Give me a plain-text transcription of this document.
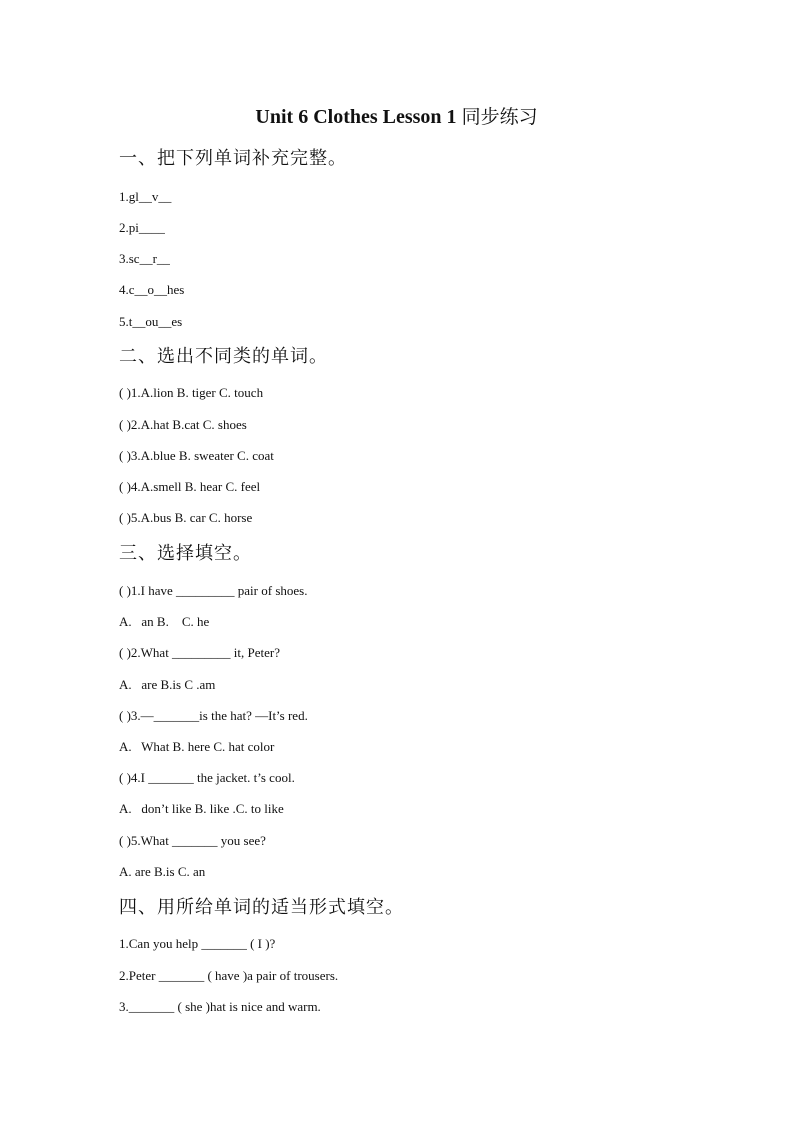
Unit 6 Clothes Lesson 1 同步练习
一、把下列单词补充完整。
1.gl__v__
2.pi____
3.sc__r__
4.c__o__hes
5.t__ou__es
二、选出不同类的单词。
( )1.A.lion B. tiger C. touch
( )2.A.hat B.cat C. shoes
( )3.A.blue B. sweater C. coat
( )4.A.smell B. hear C. feel
( )5.A.bus B. car C. horse
三、选择填空。
( )1.I have _________ pair of shoes.
A.   an B.    C. he
( )2.What _________ it, Peter?
A.   are B.is C .am
( )3.—_______is the hat? —It’s red.
A.   What B. here C. hat color
( )4.I _______ the jacket. t’s cool.
A.   don’t like B. like .C. to like
( )5.What _______ you see?
A. are B.is C. an
四、用所给单词的适当形式填空。
1.Can you help _______ ( I )?
2.Peter _______ ( have )a pair of trousers.
3._______ ( she )hat is nice and warm.
